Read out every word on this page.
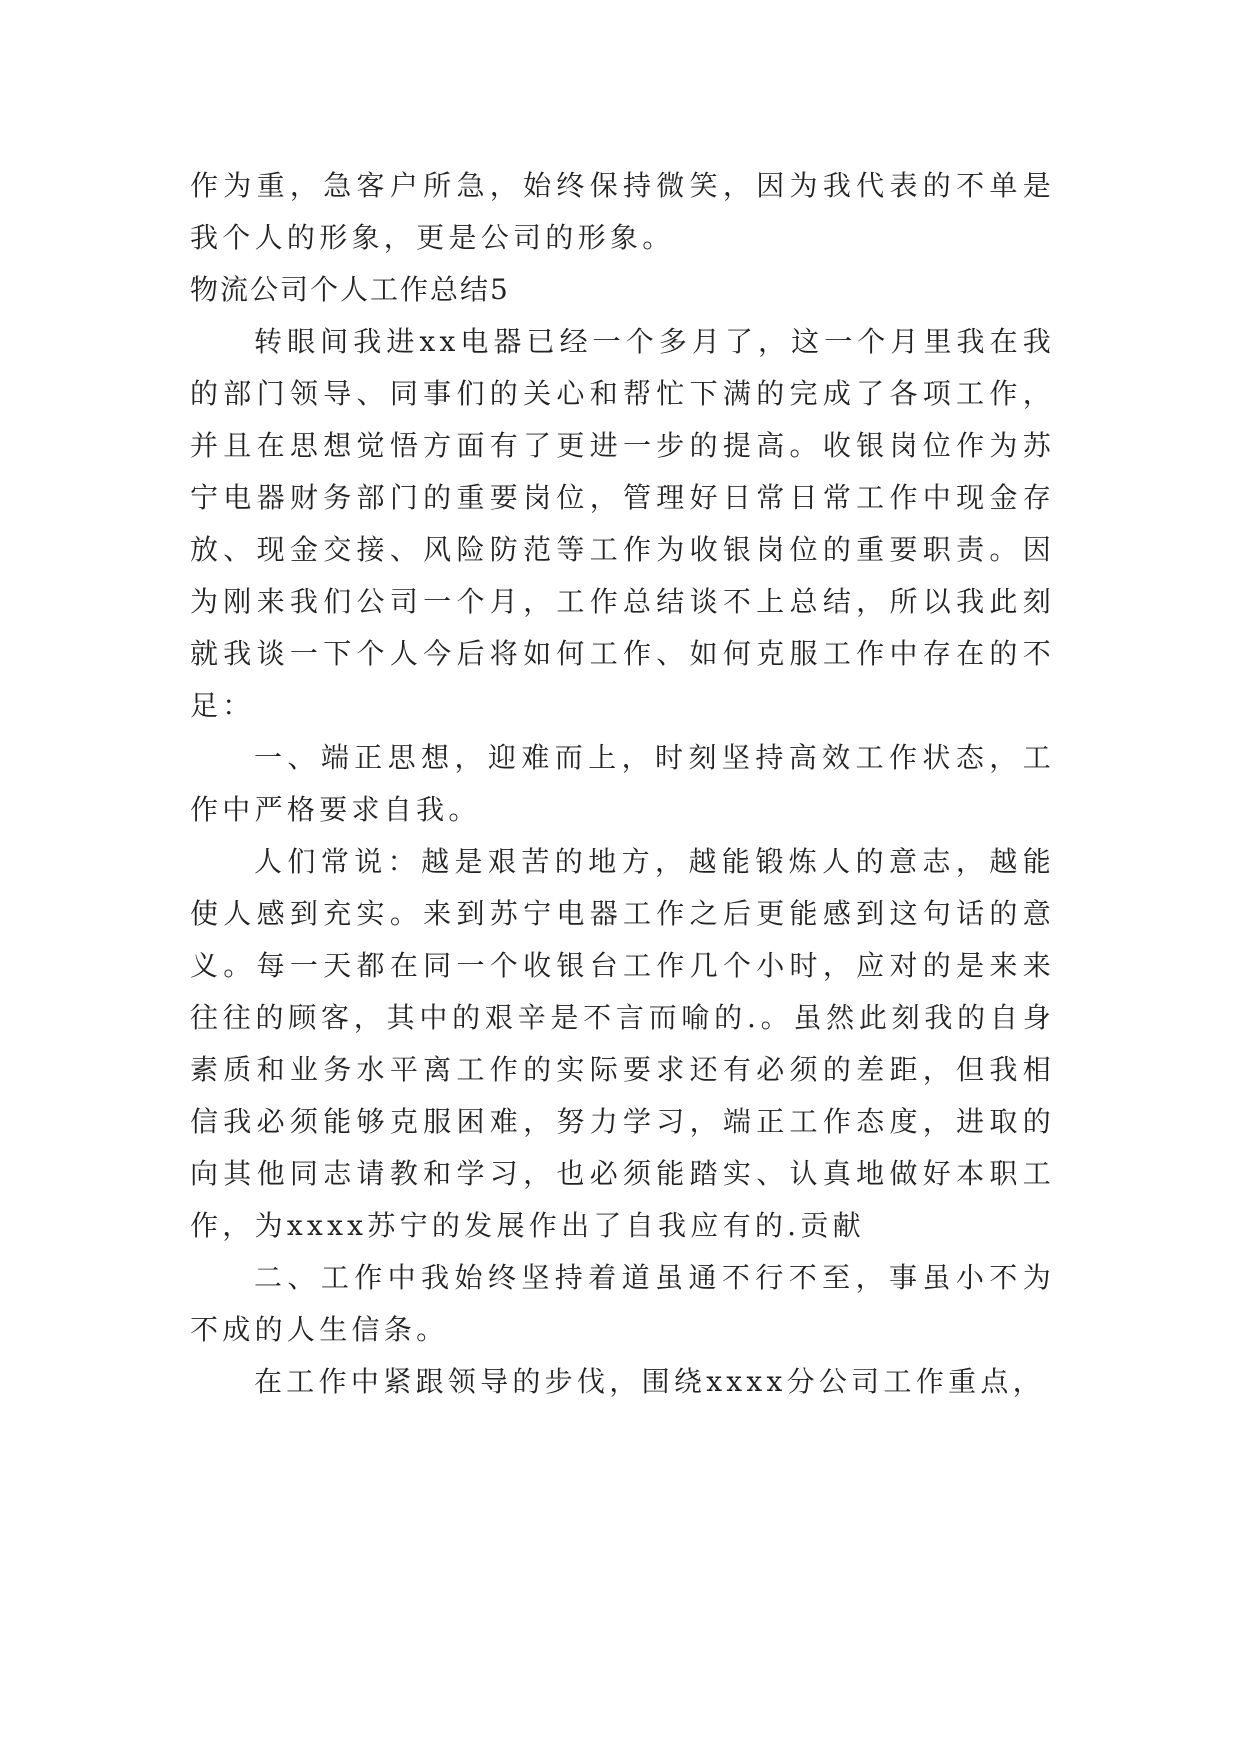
作为重，急客户所急，始终保持微笑，因为我代表的不单是我个人的形象，更是公司的形象。

物流公司个人工作总结5

转眼间我进xx电器已经一个多月了，这一个月里我在我的部门领导、同事们的关心和帮忙下满的完成了各项工作，并且在思想觉悟方面有了更进一步的提高。收银岗位作为苏宁电器财务部门的重要岗位，管理好日常日常工作中现金存放、现金交接、风险防范等工作为收银岗位的重要职责。因为刚来我们公司一个月，工作总结谈不上总结，所以我此刻就我谈一下个人今后将如何工作、如何克服工作中存在的不足：

一、端正思想，迎难而上，时刻坚持高效工作状态，工作中严格要求自我。

人们常说：越是艰苦的地方，越能锻炼人的意志，越能使人感到充实。来到苏宁电器工作之后更能感到这句话的意义。每一天都在同一个收银台工作几个小时，应对的是来来往往的顾客，其中的艰辛是不言而喻的.。虽然此刻我的自身素质和业务水平离工作的实际要求还有必须的差距，但我相信我必须能够克服困难，努力学习，端正工作态度，进取的向其他同志请教和学习，也必须能踏实、认真地做好本职工作，为xxxx苏宁的发展作出了自我应有的.贡献

二、工作中我始终坚持着道虽通不行不至，事虽小不为不成的人生信条。

在工作中紧跟领导的步伐，围绕xxxx分公司工作重点，
